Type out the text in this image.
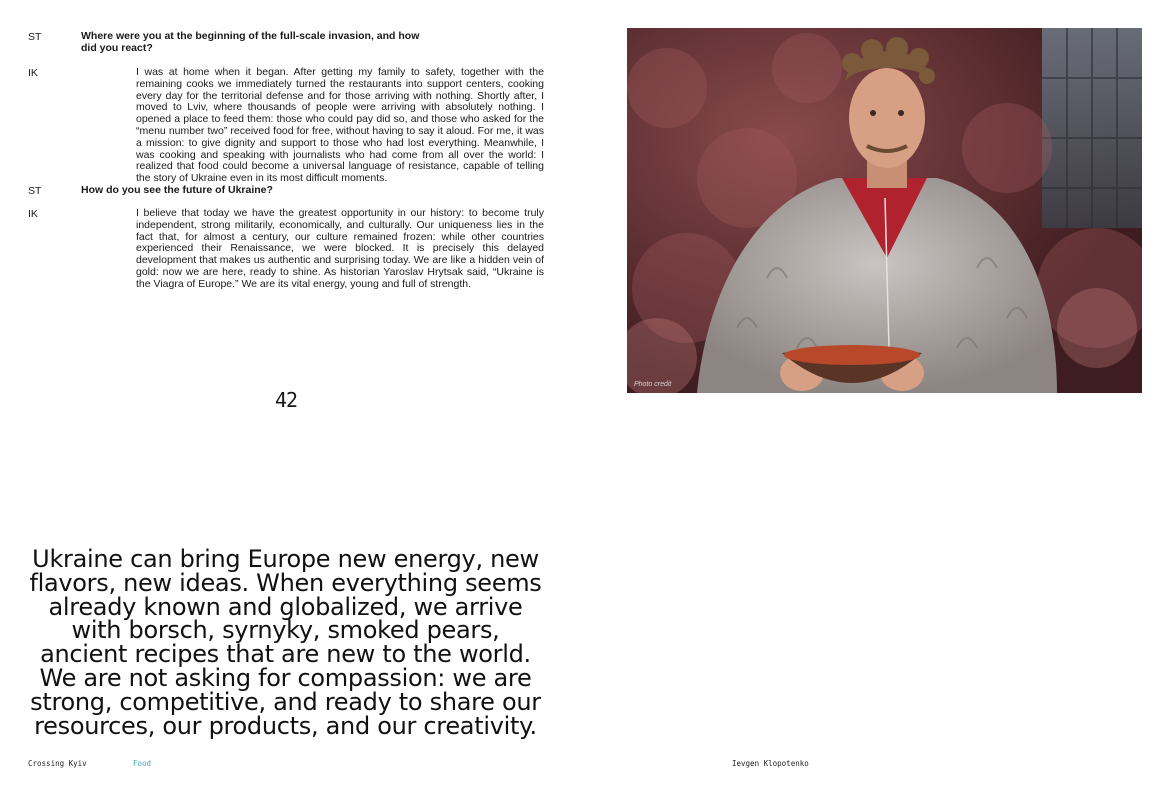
ST	Where were you at the beginning of the full-scale invasion, and how did you react?
IK	I was at home when it began. After getting my family to safety, together with the remaining cooks we immediately turned the restaurants into support centers, cooking every day for the territorial defense and for those arriving with nothing. Shortly after, I moved to Lviv, where thousands of people were arriving with absolutely nothing. I opened a place to feed them: those who could pay did so, and those who asked for the “menu number two” received food for free, without having to say it aloud. For me, it was a mission: to give dignity and support to those who had lost everything. Meanwhile, I was cooking and speaking with journalists who had come from all over the world: I realized that food could become a universal language of resistance, capable of telling the story of Ukraine even in its most difficult moments.
ST	How do you see the future of Ukraine?
IK	I believe that today we have the greatest opportunity in our history: to become truly independent, strong militarily, economically, and culturally. Our uniqueness lies in the fact that, for almost a century, our culture remained frozen: while other countries experienced their Renaissance, we were blocked. It is precisely this delayed development that makes us authentic and surprising today. We are like a hidden vein of gold: now we are here, ready to shine. As historian Yaroslav Hrytsak said, “Ukraine is the Viagra of Europe.” We are its vital energy, young and full of strength.
42
Ukraine can bring Europe new energy, new flavors, new ideas. When everything seems already known and globalized, we arrive with borsch, syrnyky, smoked pears, ancient recipes that are new to the world. We are not asking for compassion: we are strong, competitive, and ready to share our resources, our products, and our creativity.
Photo credit
Crossing Kyiv	Food	Ievgen Klopotenko
